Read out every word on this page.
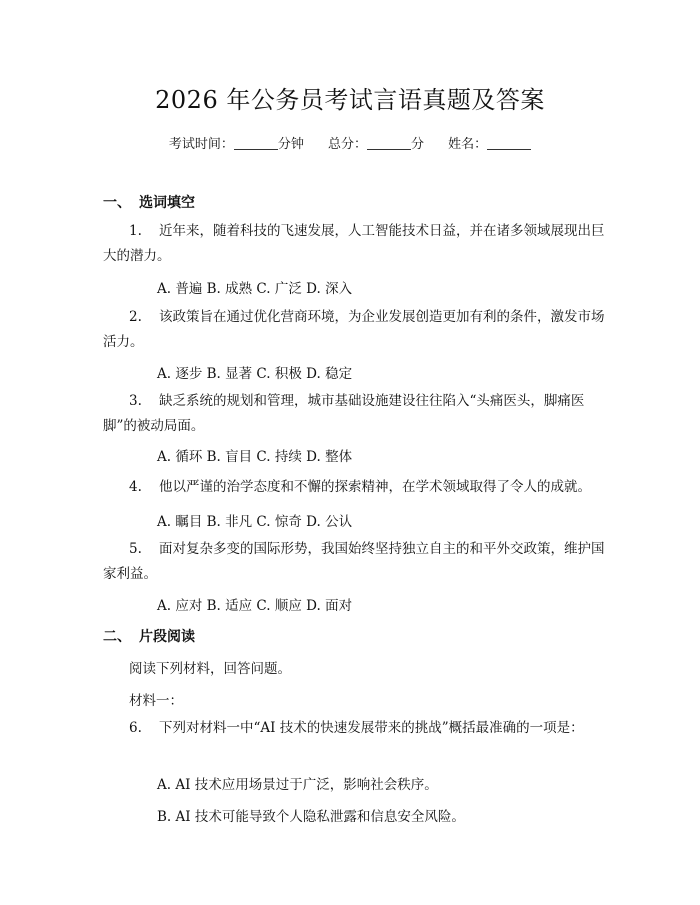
2026 年公务员考试言语真题及答案
考试时间：	分钟 总分：	分 姓名：
一、 选词填空
1. 近年来，随着科技的飞速发展，人工智能技术日益，并在诸多领域展现出巨大的潜力。
A. 普遍 B. 成熟 C. 广泛 D. 深入
2. 该政策旨在通过优化营商环境，为企业发展创造更加有利的条件，激发市场活力。
A. 逐步 B. 显著 C. 积极 D. 稳定
3. 缺乏系统的规划和管理，城市基础设施建设往往陷入“头痛医头，脚痛医脚”的被动局面。
A. 循环 B. 盲目 C. 持续 D. 整体
4. 他以严谨的治学态度和不懈的探索精神，在学术领域取得了令人的成就。
A. 瞩目 B. 非凡 C. 惊奇 D. 公认
5. 面对复杂多变的国际形势，我国始终坚持独立自主的和平外交政策，维护国家利益。
A. 应对 B. 适应 C. 顺应 D. 面对
二、 片段阅读
阅读下列材料，回答问题。
材料一：
6. 下列对材料一中“AI 技术的快速发展带来的挑战”概括最准确的一项是：
A. AI 技术应用场景过于广泛，影响社会秩序。
B. AI 技术可能导致个人隐私泄露和信息安全风险。
